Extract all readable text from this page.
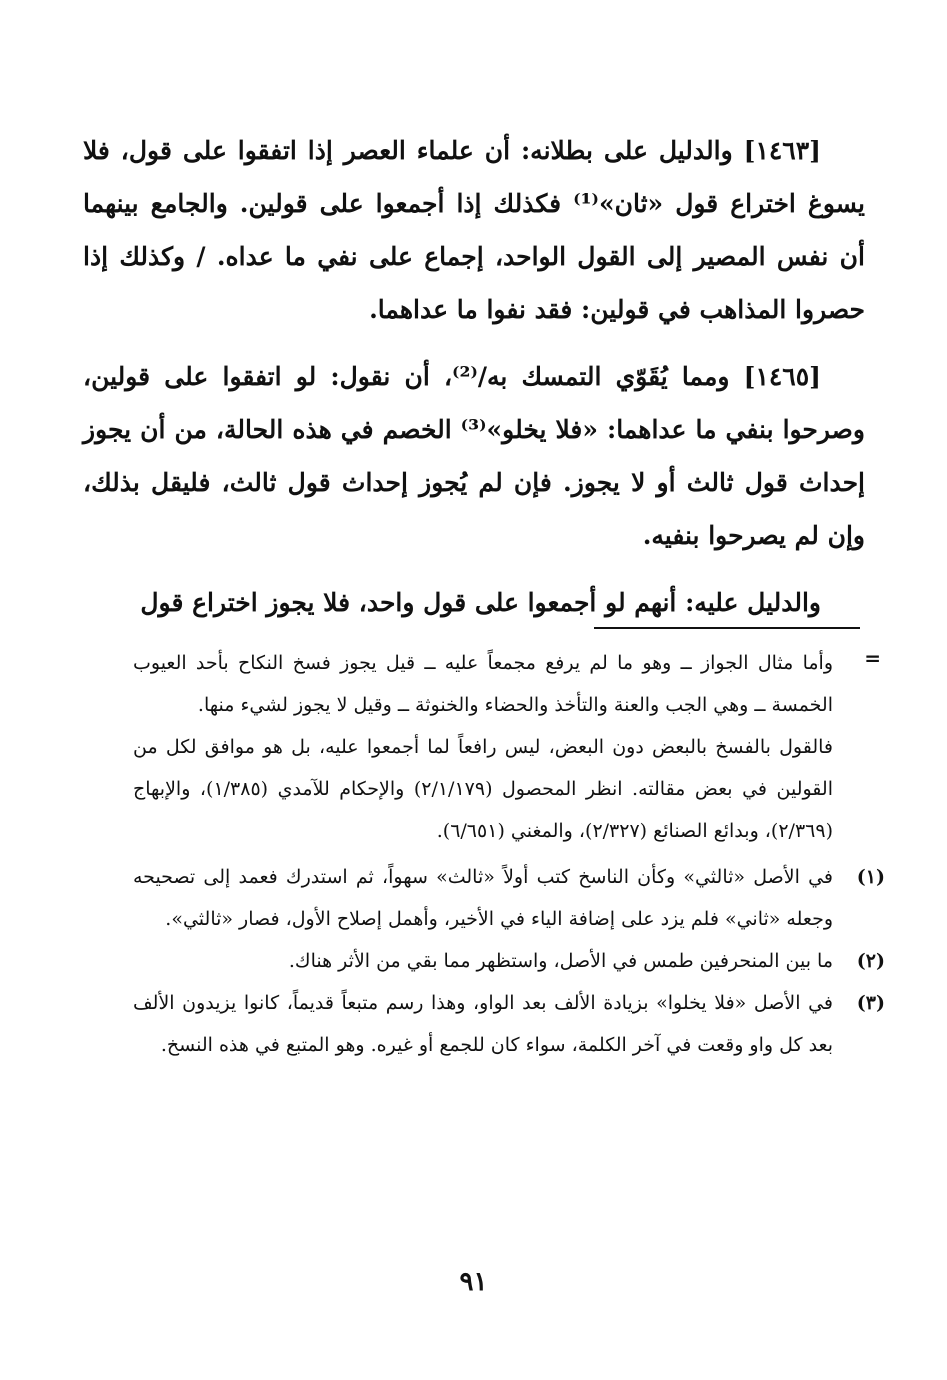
[١٤٦٣] والدليل على بطلانه: أن علماء العصر إذا اتفقوا على قول، فلا يسوغ اختراع قول «ثان»⁽¹⁾ فكذلك إذا أجمعوا على قولين. والجامع بينهما أن نفس المصير إلى القول الواحد، إجماع على نفي ما عداه. / وكذلك إذا حصروا المذاهب في قولين: فقد نفوا ما عداهما.

[١٤٦٥] ومما يُقَوّي التمسك به/⁽²⁾، أن نقول: لو اتفقوا على قولين، وصرحوا بنفي ما عداهما: «فلا يخلو»⁽³⁾ الخصم في هذه الحالة، من أن يجوز إحداث قول ثالث أو لا يجوز. فإن لم يُجوز إحداث قول ثالث، فليقل بذلك، وإن لم يصرحوا بنفيه.

والدليل عليه: أنهم لو أجمعوا على قول واحد، فلا يجوز اختراع قول

=

وأما مثال الجواز ــ وهو ما لم يرفع مجمعاً عليه ــ قيل يجوز فسخ النكاح بأحد العيوب الخمسة ــ وهي الجب والعنة والتأخذ والحضاء والخنوثة ــ وقيل لا يجوز لشيء منها.

فالقول بالفسخ بالبعض دون البعض، ليس رافعاً لما أجمعوا عليه، بل هو موافق لكل من القولين في بعض مقالته. انظر المحصول (٢/١/١٧٩) والإحكام للآمدي (١/٣٨٥)، والإبهاج (٢/٣٦٩)، وبدائع الصنائع (٢/٣٢٧)، والمغني (٦/٦٥١).

(١)
في الأصل «ثالثي» وكأن الناسخ كتب أولاً «ثالث» سهواً، ثم استدرك فعمد إلى تصحيحه وجعله «ثاني» فلم يزد على إضافة الياء في الأخير، وأهمل إصلاح الأول، فصار «ثالثي».
(٢)
ما بين المنحرفين طمس في الأصل، واستظهر مما بقي من الأثر هناك.
(٣)
في الأصل «فلا يخلوا» بزيادة الألف بعد الواو، وهذا رسم متبعاً قديماً، كانوا يزيدون الألف بعد كل واو وقعت في آخر الكلمة، سواء كان للجمع أو غيره. وهو المتبع في هذه النسخ.
٩١
